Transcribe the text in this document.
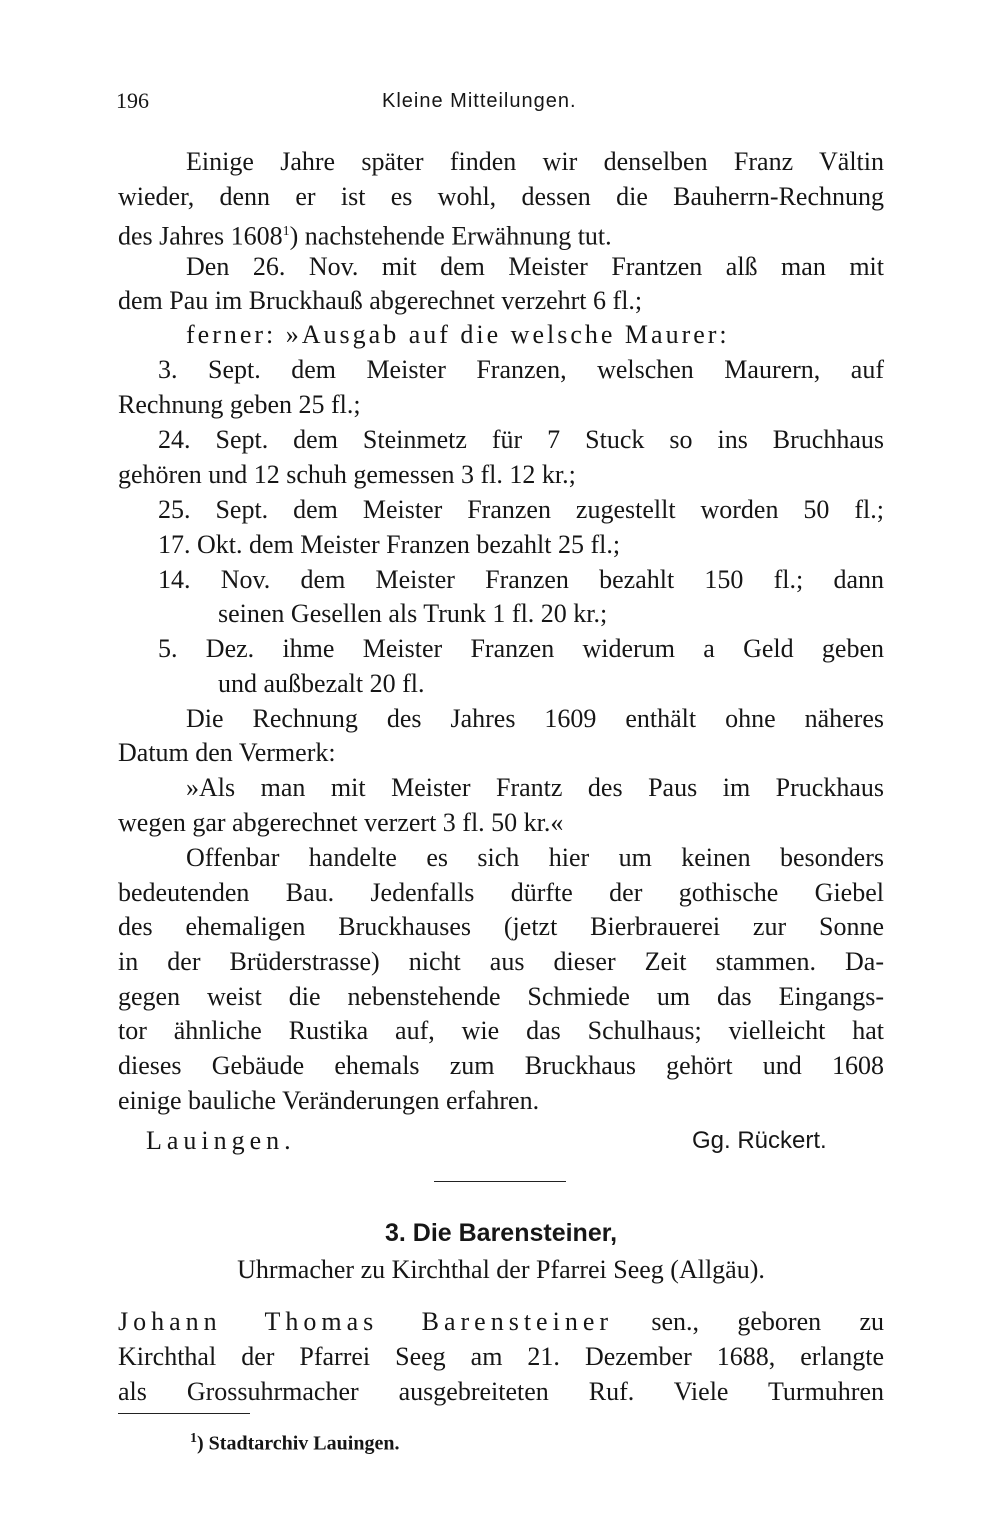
196	Kleine Mitteilungen.
Einige Jahre später finden wir denselben Franz Vältin
wieder, denn er ist es wohl, dessen die Bauherrn-Rechnung
des Jahres 1608$^1$) nachstehende Erwähnung tut.
Den 26. Nov. mit dem Meister Frantzen alß man mit
dem Pau im Bruckhauß abgerechnet verzehrt 6 fl.;
ferner: »Ausgab auf die welsche Maurer:
3. Sept. dem Meister Franzen, welschen Maurern, auf
Rechnung geben 25 fl.;
24. Sept. dem Steinmetz für 7 Stuck so ins Bruchhaus
gehören und 12 schuh gemessen 3 fl. 12 kr.;
25. Sept. dem Meister Franzen zugestellt worden 50 fl.;
17. Okt. dem Meister Franzen bezahlt 25 fl.;
14. Nov. dem Meister Franzen bezahlt 150 fl.; dann
seinen Gesellen als Trunk 1 fl. 20 kr.;
5. Dez. ihme Meister Franzen widerum a Geld geben
und außbezalt 20 fl.
Die Rechnung des Jahres 1609 enthält ohne näheres
Datum den Vermerk:
»Als man mit Meister Frantz des Paus im Pruckhaus
wegen gar abgerechnet verzert 3 fl. 50 kr.«
Offenbar handelte es sich hier um keinen besonders
bedeutenden Bau. Jedenfalls dürfte der gothische Giebel
des ehemaligen Bruckhauses (jetzt Bierbrauerei zur Sonne
in der Brüderstrasse) nicht aus dieser Zeit stammen. Da-
gegen weist die nebenstehende Schmiede um das Eingangs-
tor ähnliche Rustika auf, wie das Schulhaus; vielleicht hat
dieses Gebäude ehemals zum Bruckhaus gehört und 1608
einige bauliche Veränderungen erfahren.
Lauingen.	Gg. Rückert.
3. Die Barensteiner,
Uhrmacher zu Kirchthal der Pfarrei Seeg (Allgäu).
Johann Thomas Barensteiner sen., geboren zu
Kirchthal der Pfarrei Seeg am 21. Dezember 1688, erlangte
als Grossuhrmacher ausgebreiteten Ruf. Viele Turmuhren
$^1$) Stadtarchiv Lauingen.
